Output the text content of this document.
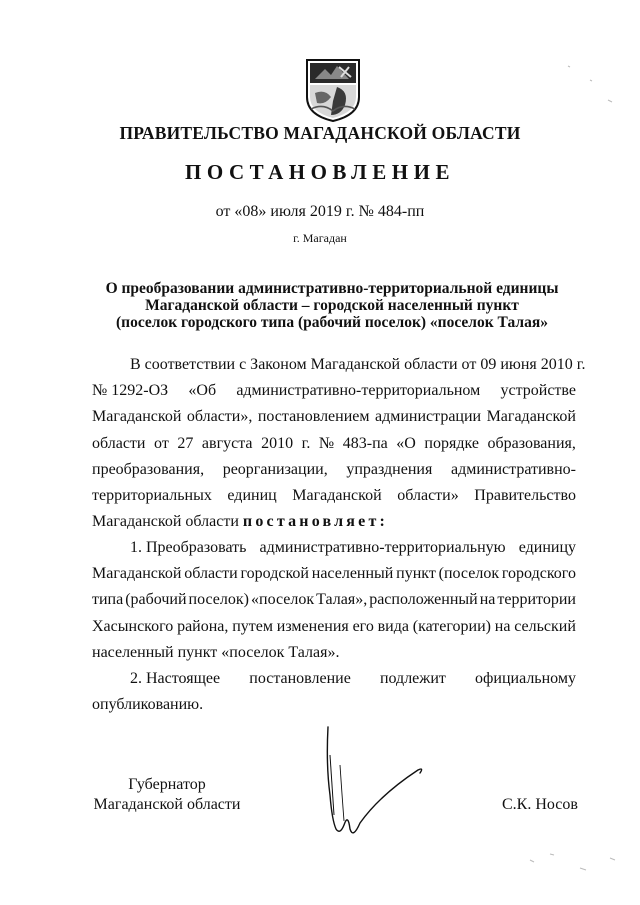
ПРАВИТЕЛЬСТВО МАГАДАНСКОЙ ОБЛАСТИ
ПОСТАНОВЛЕНИЕ
от «08» июля 2019 г. № 484-пп
г. Магадан
О преобразовании административно-территориальной единицы
Магаданской области – городской населенный пункт
(поселок городского типа (рабочий поселок) «поселок Талая»
В соответствии с Законом Магаданской области от 09 июня 2010 г.
№ 1292-ОЗ «Об административно-территориальном устройстве
Магаданской области», постановлением администрации Магаданской
области от 27 августа 2010 г. № 483-па «О порядке образования,
преобразования, реорганизации, упразднения административно-
территориальных единиц Магаданской области» Правительство
Магаданской области постановляет:
1. Преобразовать административно-территориальную единицу
Магаданской области городской населенный пункт (поселок городского
типа (рабочий поселок) «поселок Талая», расположенный на территории
Хасынского района, путем изменения его вида (категории) на сельский
населенный пункт «поселок Талая».
2. Настоящее постановление подлежит официальному
опубликованию.
Губернатор
Магаданской области	С.К. Носов
